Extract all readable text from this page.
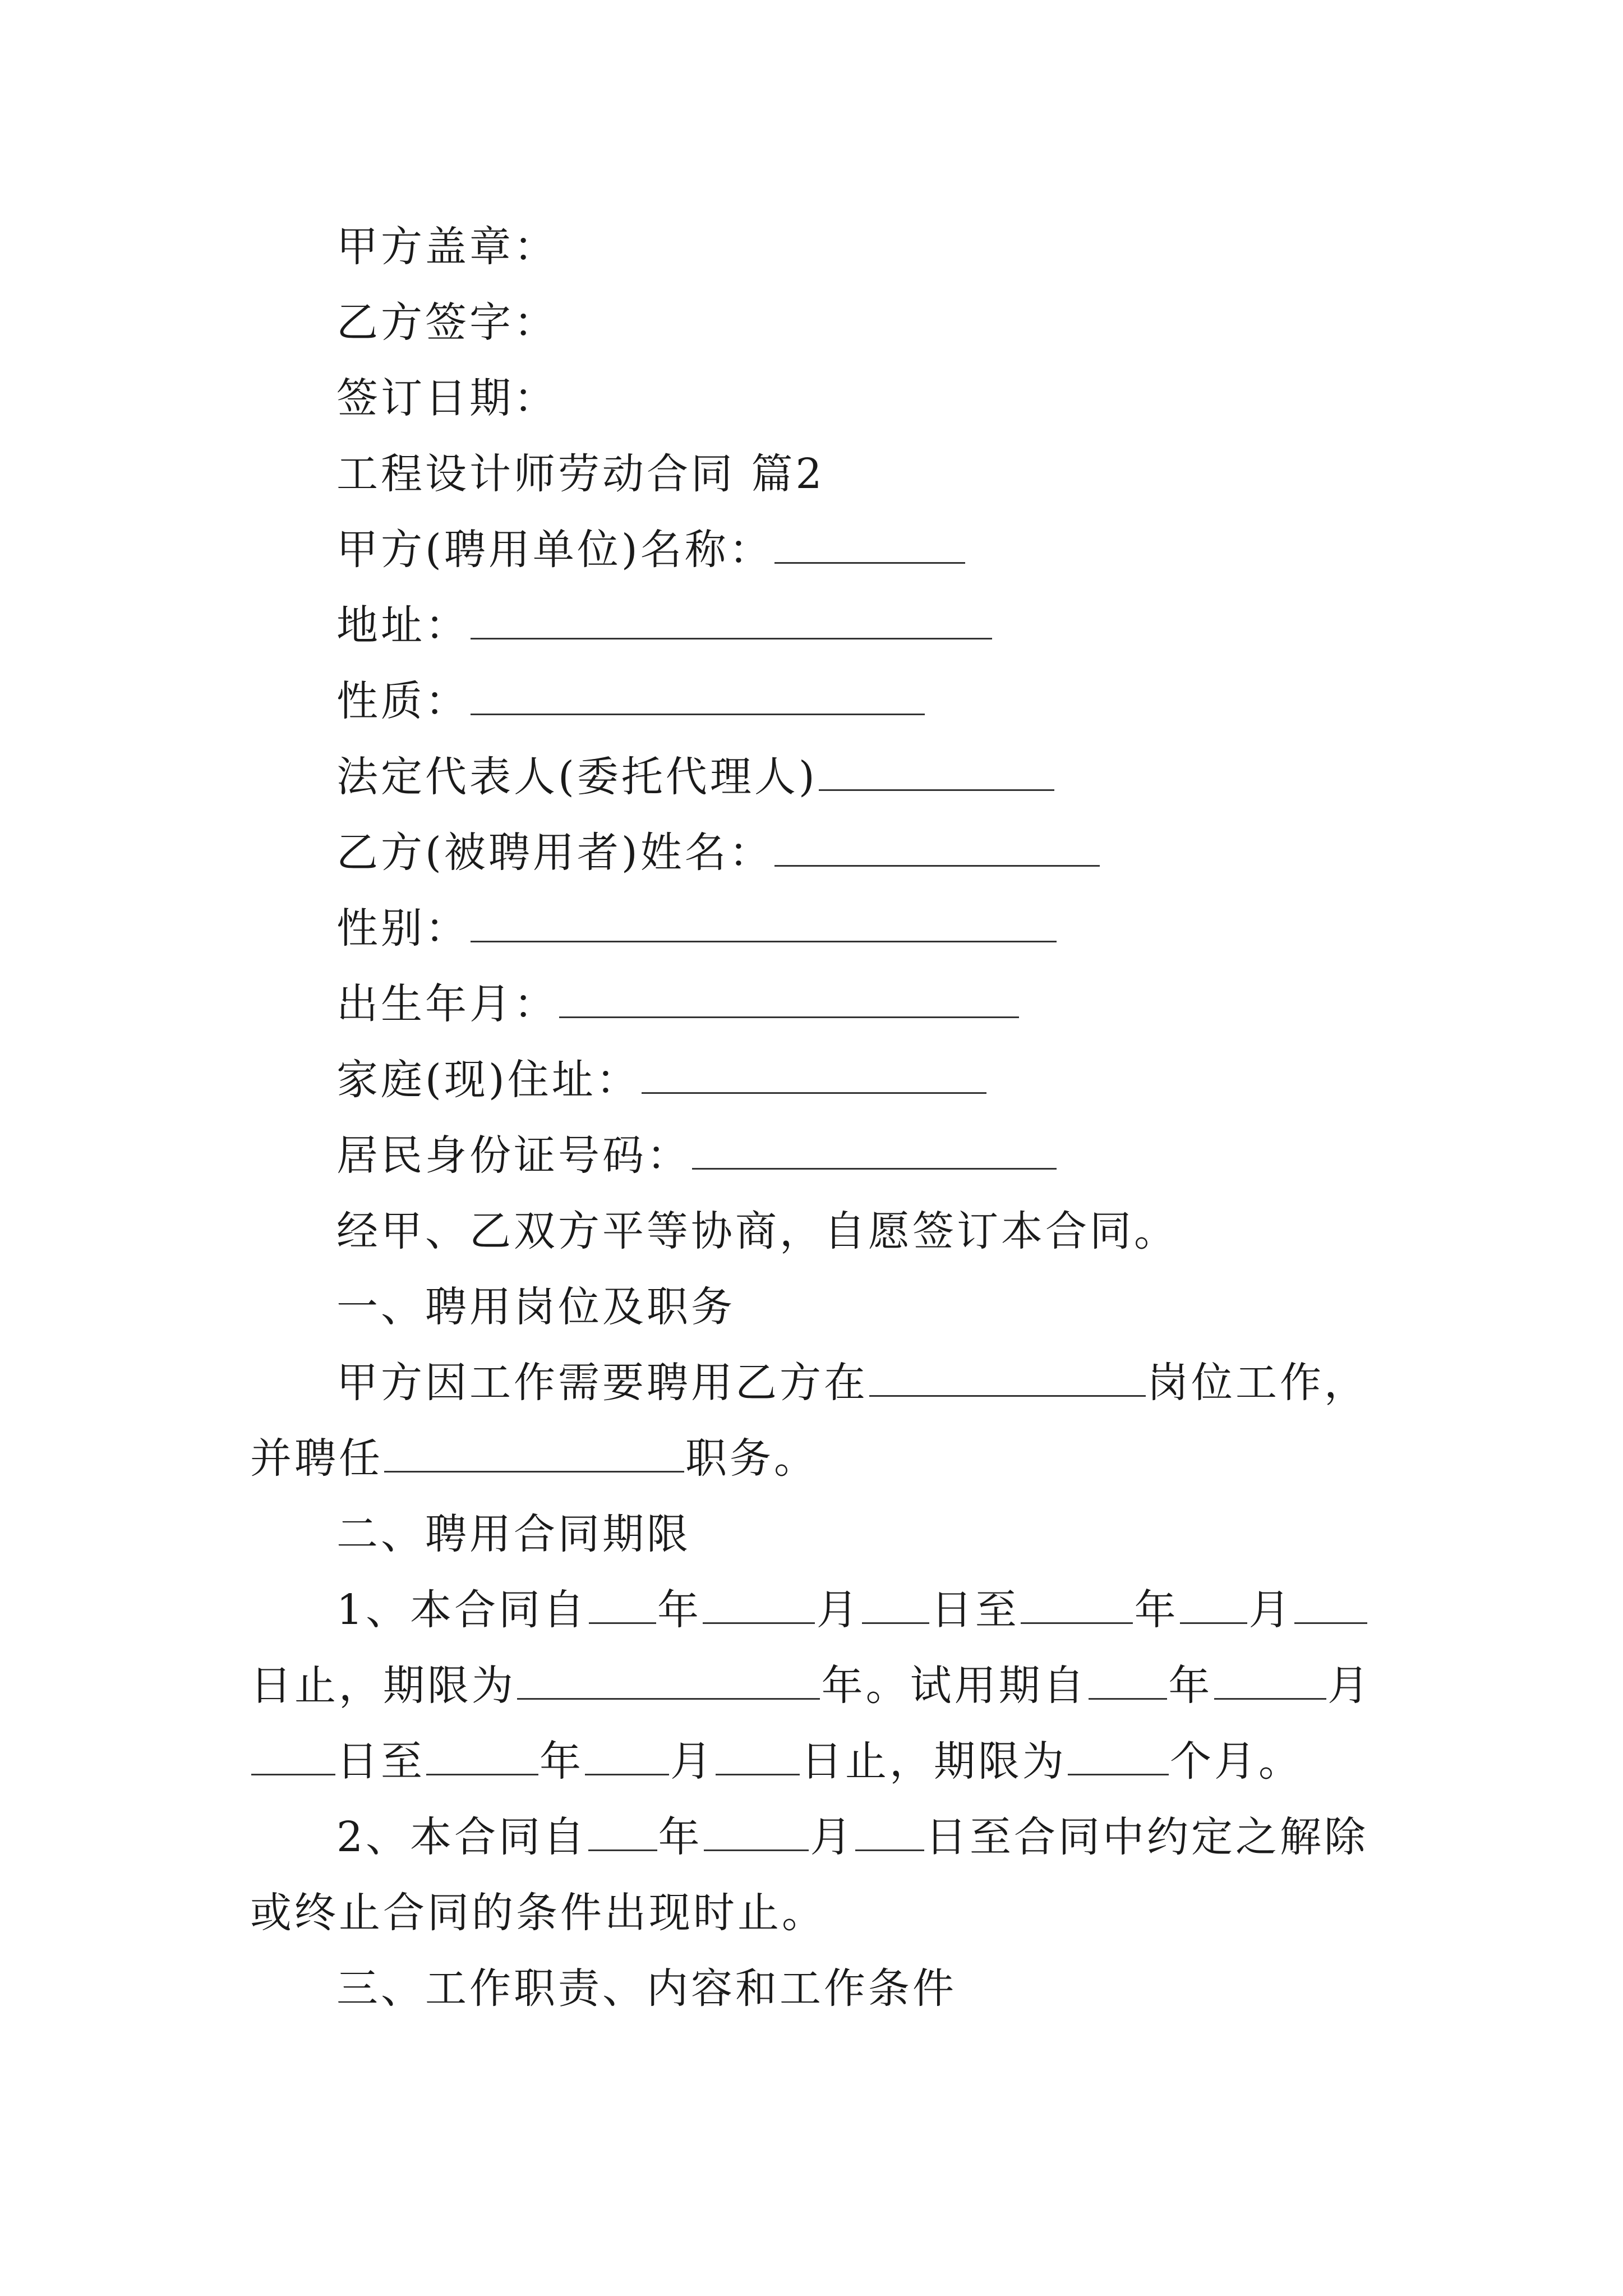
甲方盖章：
乙方签字：
签订日期：
工程设计师劳动合同 篇2
甲方(聘用单位)名称：
地址：
性质：
法定代表人(委托代理人)
乙方(被聘用者)姓名：
性别：
出生年月：
家庭(现)住址：
居民身份证号码：
经甲、乙双方平等协商，自愿签订本合同。
一、聘用岗位及职务
甲方因工作需要聘用乙方在	岗位工作，
并聘任	职务。
二、聘用合同期限
1、本合同自 年	月 日至	年 月
日止，期限为	年。试用期自 年	月
日至	年 月 日止，期限为 个月。
2、本合同自 年	月 日至合同中约定之解除
或终止合同的条件出现时止。
三、工作职责、内容和工作条件
